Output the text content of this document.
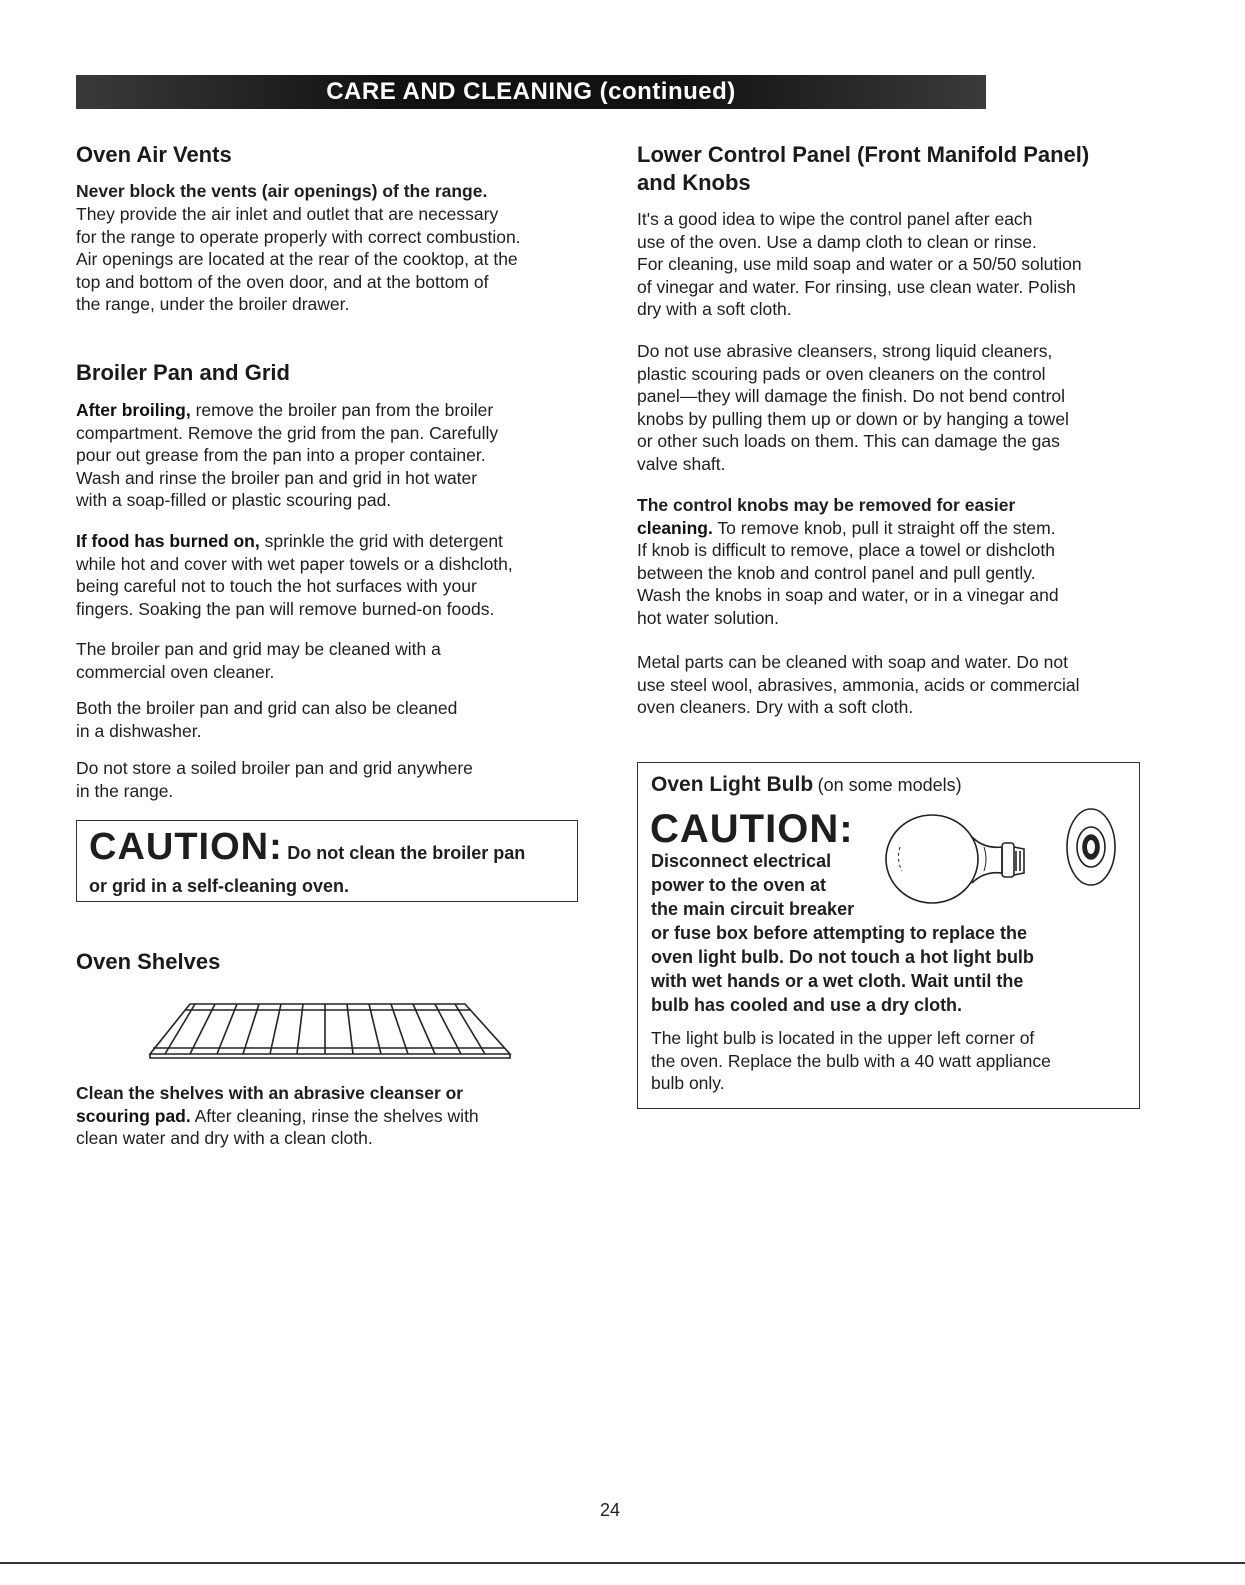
CARE AND CLEANING (continued)
Oven Air Vents

Never block the vents (air openings) of the range.

They provide the air inlet and outlet that are necessary

for the range to operate properly with correct combustion.

Air openings are located at the rear of the cooktop, at the

top and bottom of the oven door, and at the bottom of

the range, under the broiler drawer.

Broiler Pan and Grid

After broiling, remove the broiler pan from the broiler

compartment. Remove the grid from the pan. Carefully

pour out grease from the pan into a proper container.

Wash and rinse the broiler pan and grid in hot water

with a soap-filled or plastic scouring pad.

If food has burned on, sprinkle the grid with detergent

while hot and cover with wet paper towels or a dishcloth,

being careful not to touch the hot surfaces with your

fingers. Soaking the pan will remove burned-on foods.

The broiler pan and grid may be cleaned with a

commercial oven cleaner.

Both the broiler pan and grid can also be cleaned

in a dishwasher.

Do not store a soiled broiler pan and grid anywhere

in the range.

CAUTION: Do not clean the broiler pan
or grid in a self-cleaning oven.
Oven Shelves

Clean the shelves with an abrasive cleanser or

scouring pad. After cleaning, rinse the shelves with

clean water and dry with a clean cloth.

Lower Control Panel (Front Manifold Panel)
and Knobs

It's a good idea to wipe the control panel after each

use of the oven. Use a damp cloth to clean or rinse.

For cleaning, use mild soap and water or a 50/50 solution

of vinegar and water. For rinsing, use clean water. Polish

dry with a soft cloth.

Do not use abrasive cleansers, strong liquid cleaners,

plastic scouring pads or oven cleaners on the control

panel—they will damage the finish. Do not bend control

knobs by pulling them up or down or by hanging a towel

or other such loads on them. This can damage the gas

valve shaft.

The control knobs may be removed for easier

cleaning. To remove knob, pull it straight off the stem.

If knob is difficult to remove, place a towel or dishcloth

between the knob and control panel and pull gently.

Wash the knobs in soap and water, or in a vinegar and

hot water solution.

Metal parts can be cleaned with soap and water. Do not

use steel wool, abrasives, ammonia, acids or commercial

oven cleaners. Dry with a soft cloth.

Oven Light Bulb (on some models)
CAUTION:

Disconnect electrical

power to the oven at

the main circuit breaker

or fuse box before attempting to replace the

oven light bulb. Do not touch a hot light bulb

with wet hands or a wet cloth. Wait until the

bulb has cooled and use a dry cloth.

The light bulb is located in the upper left corner of

the oven. Replace the bulb with a 40 watt appliance

bulb only.

24
